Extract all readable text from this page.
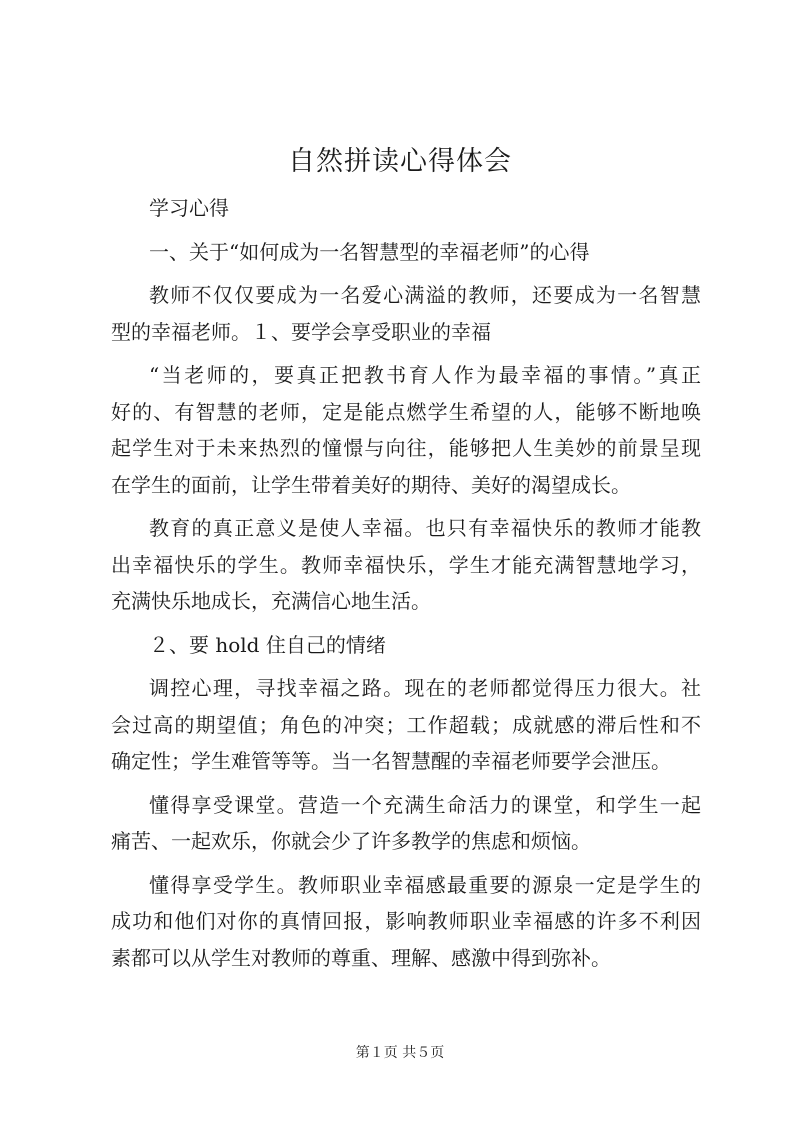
自然拼读心得体会
学习心得
一、关于“如何成为一名智慧型的幸福老师”的心得
教师不仅仅要成为一名爱心满溢的教师，还要成为一名智慧
型的幸福老师。１、要学会享受职业的幸福
“当老师的，要真正把教书育人作为最幸福的事情。”真正
好的、有智慧的老师，定是能点燃学生希望的人，能够不断地唤
起学生对于未来热烈的憧憬与向往，能够把人生美妙的前景呈现
在学生的面前，让学生带着美好的期待、美好的渴望成长。
教育的真正意义是使人幸福。也只有幸福快乐的教师才能教
出幸福快乐的学生。教师幸福快乐，学生才能充满智慧地学习，
充满快乐地成长，充满信心地生活。
２、要 hold 住自己的情绪
调控心理，寻找幸福之路。现在的老师都觉得压力很大。社
会过高的期望值；角色的冲突；工作超载；成就感的滞后性和不
确定性；学生难管等等。当一名智慧醒的幸福老师要学会泄压。
懂得享受课堂。营造一个充满生命活力的课堂，和学生一起
痛苦、一起欢乐，你就会少了许多教学的焦虑和烦恼。
懂得享受学生。教师职业幸福感最重要的源泉一定是学生的
成功和他们对你的真情回报，影响教师职业幸福感的许多不利因
素都可以从学生对教师的尊重、理解、感激中得到弥补。
第１页 共５页
